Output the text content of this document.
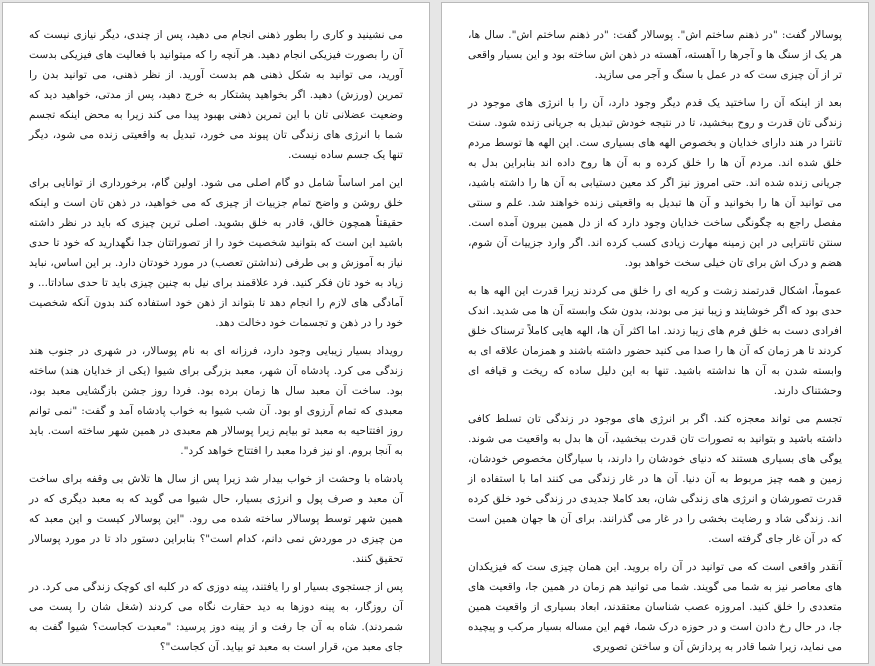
می نشینید و کاری را بطور ذهنی انجام می دهید، پس از چندی، دیگر نیازی نیست که آن را بصورت فیزیکی انجام دهید. هر آنچه را که میتوانید با فعالیت های فیزیکی بدست آورید، می توانید به شکل ذهنی هم بدست آورید. از نظر ذهنی، می توانید بدن را تمرین (ورزش) دهید. اگر بخواهید پشتکار به خرج دهید، پس از مدتی، خواهید دید که وضعیت عضلانی تان با این تمرین ذهنی بهبود پیدا می کند زیرا به محض اینکه تجسم شما با انرژی های زندگی تان پیوند می خورد، تبدیل به واقعیتی زنده می شود، دیگر تنها یک جسم ساده نیست.

این امر اساساً شامل دو گام اصلی می شود. اولین گام، برخورداری از توانایی برای خلق روشن و واضح تمام جزییات از چیزی که می خواهید، در ذهن تان است و اینکه حقیقتاً همچون خالق، قادر به خلق بشوید. اصلی ترین چیزی که باید در نظر داشته باشید این است که بتوانید شخصیت خود را از تصوراتتان جدا نگهدارید که خود تا حدی نیاز به آموزش و بی طرفی (نداشتن تعصب) در مورد خودتان دارد. بر این اساس، نباید زیاد به خود تان فکر کنید. فرد علاقمند برای نیل به چنین چیزی باید تا حدی ساداتا... و آمادگی های لازم را انجام دهد تا بتواند از ذهن خود استفاده کند بدون آنکه شخصیت خود را در ذهن و تجسمات خود دخالت دهد.

رویداد بسیار زیبایی وجود دارد، فرزانه ای به نام پوسالار، در شهری در جنوب هند زندگی می کرد. پادشاه آن شهر، معبد بزرگی برای شیوا (یکی از خدایان هند) ساخته بود. ساخت آن معبد سال ها زمان برده بود. فردا روز جشن بازگشایی معبد بود، معبدی که تمام آرزوی او بود. آن شب شیوا به خواب پادشاه آمد و گفت: "نمی توانم روز افتتاحیه به معبد تو بیایم زیرا پوسالار هم معبدی در همین شهر ساخته است. باید به آنجا بروم. او نیز فردا معبد را افتتاح خواهد کرد".

پادشاه با وحشت از خواب بیدار شد زیرا پس از سال ها تلاش بی وقفه برای ساخت آن معبد و صرف پول و انرژی بسیار، حال شیوا می گوید که به معبد دیگری که در همین شهر توسط پوسالار ساخته شده می رود. "این پوسالار کیست و این معبد که من چیزی در موردش نمی دانم، کدام است"؟ بنابراین دستور داد تا در مورد پوسالار تحقیق کنند.

پس از جستجوی بسیار او را یافتند، پینه دوزی که در کلبه ای کوچک زندگی می کرد. در آن روزگار، به پینه دوزها به دید حقارت نگاه می کردند (شغل شان را پست می شمردند). شاه به آن جا رفت و از پینه دوز پرسید: "معبدت کجاست؟ شیوا گفت به جای معبد من، قرار است به معبد تو بیاید. آن کجاست"؟

پوسالار گفت: "در ذهنم ساختم اش". پوسالار گفت: "در ذهنم ساختم اش". سال ها، هر یک از سنگ ها و آجرها را آهسته، آهسته در ذهن اش ساخته بود و این بسیار واقعی تر از آن چیزی ست که در عمل با سنگ و آجر می سازید.

بعد از اینکه آن را ساختید یک قدم دیگر وجود دارد، آن را با انرژی های موجود در زندگی تان قدرت و روح ببخشید، تا در نتیجه خودش تبدیل به جریانی زنده شود. سنت تانترا در هند دارای خدایان و بخصوص الهه های بسیاری ست. این الهه ها توسط مردم خلق شده اند. مردم آن ها را خلق کرده و به آن ها روح داده اند بنابراین بدل به جریانی زنده شده اند. حتی امروز نیز اگر کد معین دستیابی به آن ها را داشته باشید، می توانید آن ها را بخوانید و آن ها تبدیل به واقعیتی زنده خواهند شد. علم و سنتی مفصل راجع به چگونگی ساخت خدایان وجود دارد که از دل همین بیرون آمده است. سنتن تانترایی در این زمینه مهارت زیادی کسب کرده اند. اگر وارد جزییات آن شوم، هضم و درک اش برای تان خیلی سخت خواهد بود.

عموماً، اشکال قدرتمند زشت و کریه ای را خلق می کردند زیرا قدرت این الهه ها به حدی بود که اگر خوشایند و زیبا نیز می بودند، بدون شک وابسته آن ها می شدید. اندک افرادی دست به خلق فرم های زیبا زدند. اما اکثر آن ها، الهه هایی کاملاً ترسناک خلق کردند تا هر زمان که آن ها را صدا می کنید حضور داشته باشند و همزمان علاقه ای به وابسته شدن به آن ها نداشته باشید. تنها به این دلیل ساده که ریخت و قیافه ای وحشتناک دارند.

تجسم می تواند معجزه کند. اگر بر انرژی های موجود در زندگی تان تسلط کافی داشته باشید و بتوانید به تصورات تان قدرت ببخشید، آن ها بدل به واقعیت می شوند. یوگی های بسیاری هستند که دنیای خودشان را دارند، با سیارگان مخصوص خودشان، زمین و همه چیز مربوط به آن دنیا. آن ها در غار زندگی می کنند اما با استفاده از قدرت تصورشان و انرژی های زندگی شان، بعد کاملا جدیدی در زندگی خود خلق کرده اند. زندگی شاد و رضایت بخشی را در غار می گذرانند. برای آن ها جهان همین است که در آن غار جای گرفته است.

آنقدر واقعی است که می توانید در آن راه بروید. این همان چیزی ست که فیزیکدان های معاصر نیز به شما می گویند. شما می توانید هم زمان در همین جا، واقعیت های متعددی را خلق کنید. امروزه عصب شناسان معتقدند، ابعاد بسیاری از واقعیت همین جا، در حال رخ دادن است و در حوزه درک شما، فهم این مساله بسیار مرکب و پیچیده می نماید، زیرا شما قادر به پردازش آن و ساختن تصویری
